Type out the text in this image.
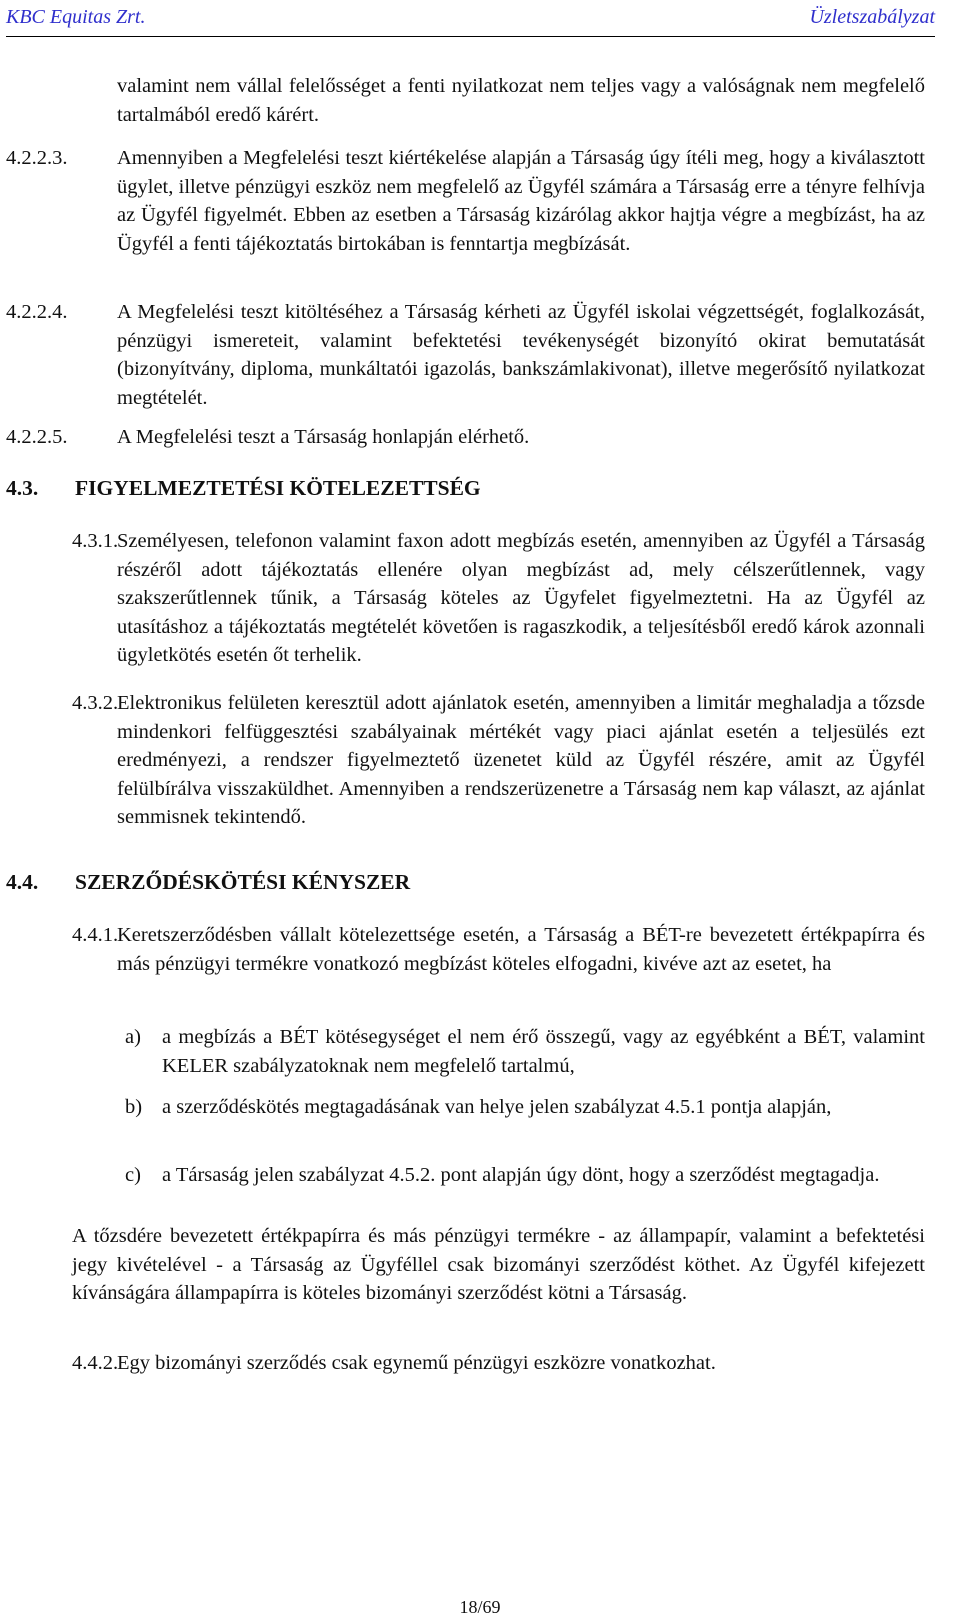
KBC Equitas Zrt.	Üzletszabályzat
valamint nem vállal felelősséget a fenti nyilatkozat nem teljes vagy a valóságnak nem megfelelő tartalmából eredő kárért.
4.2.2.3. Amennyiben a Megfelelési teszt kiértékelése alapján a Társaság úgy ítéli meg, hogy a kiválasztott ügylet, illetve pénzügyi eszköz nem megfelelő az Ügyfél számára a Társaság erre a tényre felhívja az Ügyfél figyelmét. Ebben az esetben a Társaság kizárólag akkor hajtja végre a megbízást, ha az Ügyfél a fenti tájékoztatás birtokában is fenntartja megbízását.
4.2.2.4. A Megfelelési teszt kitöltéséhez a Társaság kérheti az Ügyfél iskolai végzettségét, foglalkozását, pénzügyi ismereteit, valamint befektetési tevékenységét bizonyító okirat bemutatását (bizonyítvány, diploma, munkáltatói igazolás, bankszámlakivonat), illetve megerősítő nyilatkozat megtételét.
4.2.2.5. A Megfelelési teszt a Társaság honlapján elérhető.
4.3. FIGYELMEZTETÉSI KÖTELEZETTSÉG
4.3.1.
Személyesen, telefonon valamint faxon adott megbízás esetén, amennyiben az Ügyfél a Társaság részéről adott tájékoztatás ellenére olyan megbízást ad, mely célszerűtlennek, vagy szakszerűtlennek tűnik, a Társaság köteles az Ügyfelet figyelmeztetni. Ha az Ügyfél az utasításhoz a tájékoztatás megtételét követően is ragaszkodik, a teljesítésből eredő károk azonnali ügyletkötés esetén őt terhelik.
4.3.2.
Elektronikus felületen keresztül adott ajánlatok esetén, amennyiben a limitár meghaladja a tőzsde mindenkori felfüggesztési szabályainak mértékét vagy piaci ajánlat esetén a teljesülés ezt eredményezi, a rendszer figyelmeztető üzenetet küld az Ügyfél részére, amit az Ügyfél felülbírálva visszaküldhet. Amennyiben a rendszerüzenetre a Társaság nem kap választ, az ajánlat semmisnek tekintendő.
4.4. SZERZŐDÉSKÖTÉSI KÉNYSZER
4.4.1.
Keretszerződésben vállalt kötelezettsége esetén, a Társaság a BÉT-re bevezetett értékpapírra és más pénzügyi termékre vonatkozó megbízást köteles elfogadni, kivéve azt az esetet, ha
a) a megbízás a BÉT kötésegységet el nem érő összegű, vagy az egyébként a BÉT, valamint KELER szabályzatoknak nem megfelelő tartalmú,
b) a szerződéskötés megtagadásának van helye jelen szabályzat 4.5.1 pontja alapján,
c) a Társaság jelen szabályzat 4.5.2. pont alapján úgy dönt, hogy a szerződést megtagadja.
A tőzsdére bevezetett értékpapírra és más pénzügyi termékre - az állampapír, valamint a befektetési jegy kivételével - a Társaság az Ügyféllel csak bizományi szerződést köthet. Az Ügyfél kifejezett kívánságára állampapírra is köteles bizományi szerződést kötni a Társaság.
4.4.2.
Egy bizományi szerződés csak egynemű pénzügyi eszközre vonatkozhat.
18/69
